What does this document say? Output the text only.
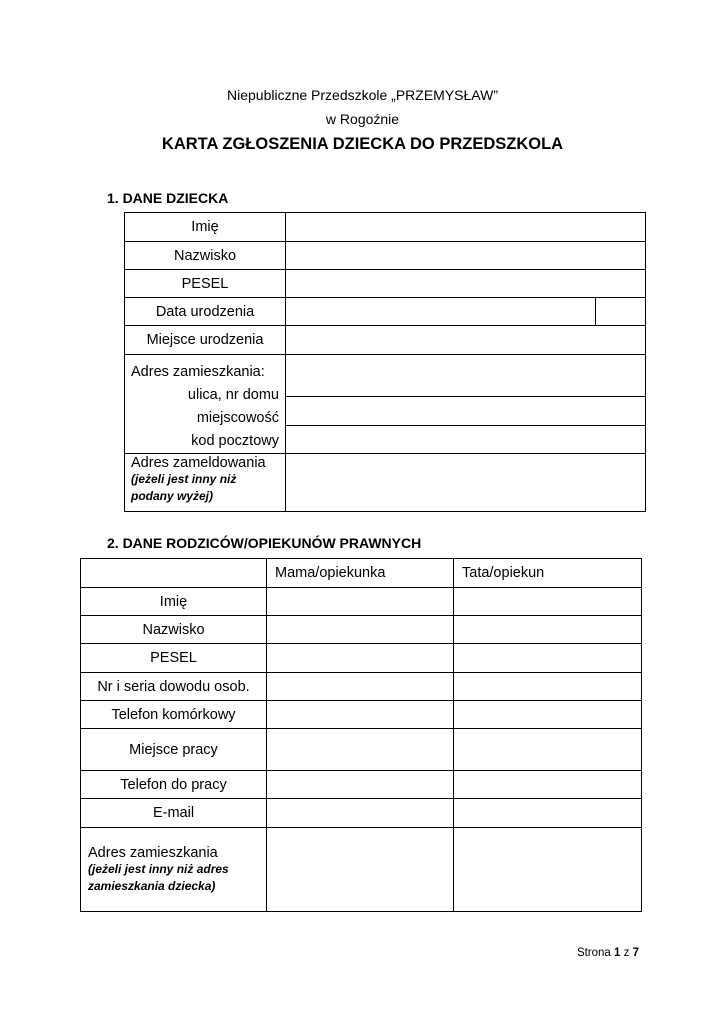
Niepubliczne Przedszkole „PRZEMYSŁAW”
w Rogoźnie
KARTA ZGŁOSZENIA DZIECKA DO PRZEDSZKOLA
1. DANE DZIECKA
Imię		
Nazwisko		
PESEL		
Data urodzenia		
Miejsce urodzenia		

Adres zamieszkania:
ulica, nr domu
miejscowość
kod pocztowy		

Adres zameldowania
(jeżeli jest inny niż
podany wyżej)		

2. DANE RODZICÓW/OPIEKUNÓW PRAWNYCH
	Mama/opiekunka	Tata/opiekun
Imię		
Nazwisko		
PESEL		
Nr i seria dowodu osob.		
Telefon komórkowy		
Miejsce pracy		
Telefon do pracy		
E-mail		

Adres zamieszkania
(jeżeli jest inny niż adres
zamieszkania dziecka)		

Strona 1 z 7
